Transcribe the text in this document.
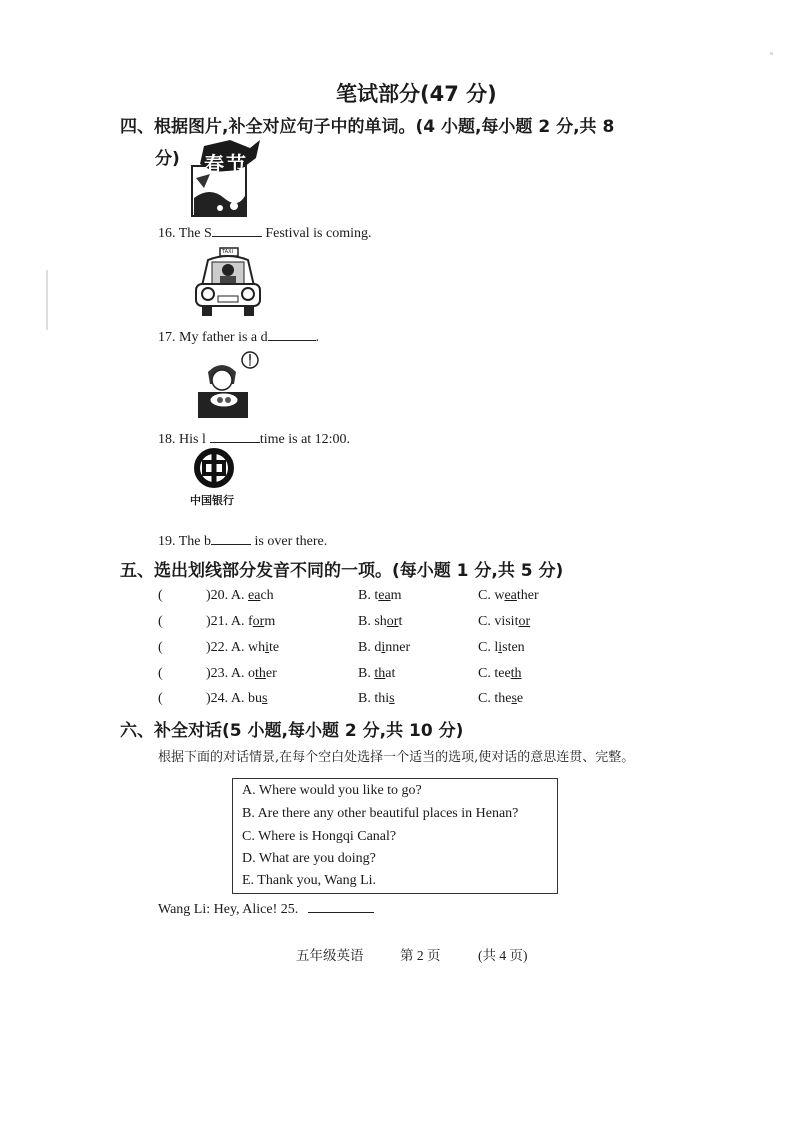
笔试部分(47 分)
四、根据图片,补全对应句子中的单词。(4 小题,每小题 2 分,共 8
分) 春节
16. The S	Festival is coming.
TAXI
17. My father is a d	.
18. His l	time is at 12:00.
中国银行
19. The b	is over there.
五、选出划线部分发音不同的一项。(每小题 1 分,共 5 分)
(	)20. A. each	B. team	C. weather
(	)21. A. form	B. short	C. visitor
(	)22. A. white	B. dinner	C. listen
(	)23. A. other	B. that	C. teeth
(	)24. A. bus	B. this	C. these
六、补全对话(5 小题,每小题 2 分,共 10 分)
根据下面的对话情景,在每个空白处选择一个适当的选项,使对话的意思连贯、完整。
A. Where would you like to go?
B. Are there any other beautiful places in Henan?
C. Where is Hongqi Canal?
D. What are you doing?
E. Thank you, Wang Li.
Wang Li: Hey, Alice! 25.
五年级英语	第 2 页	(共 4 页)
